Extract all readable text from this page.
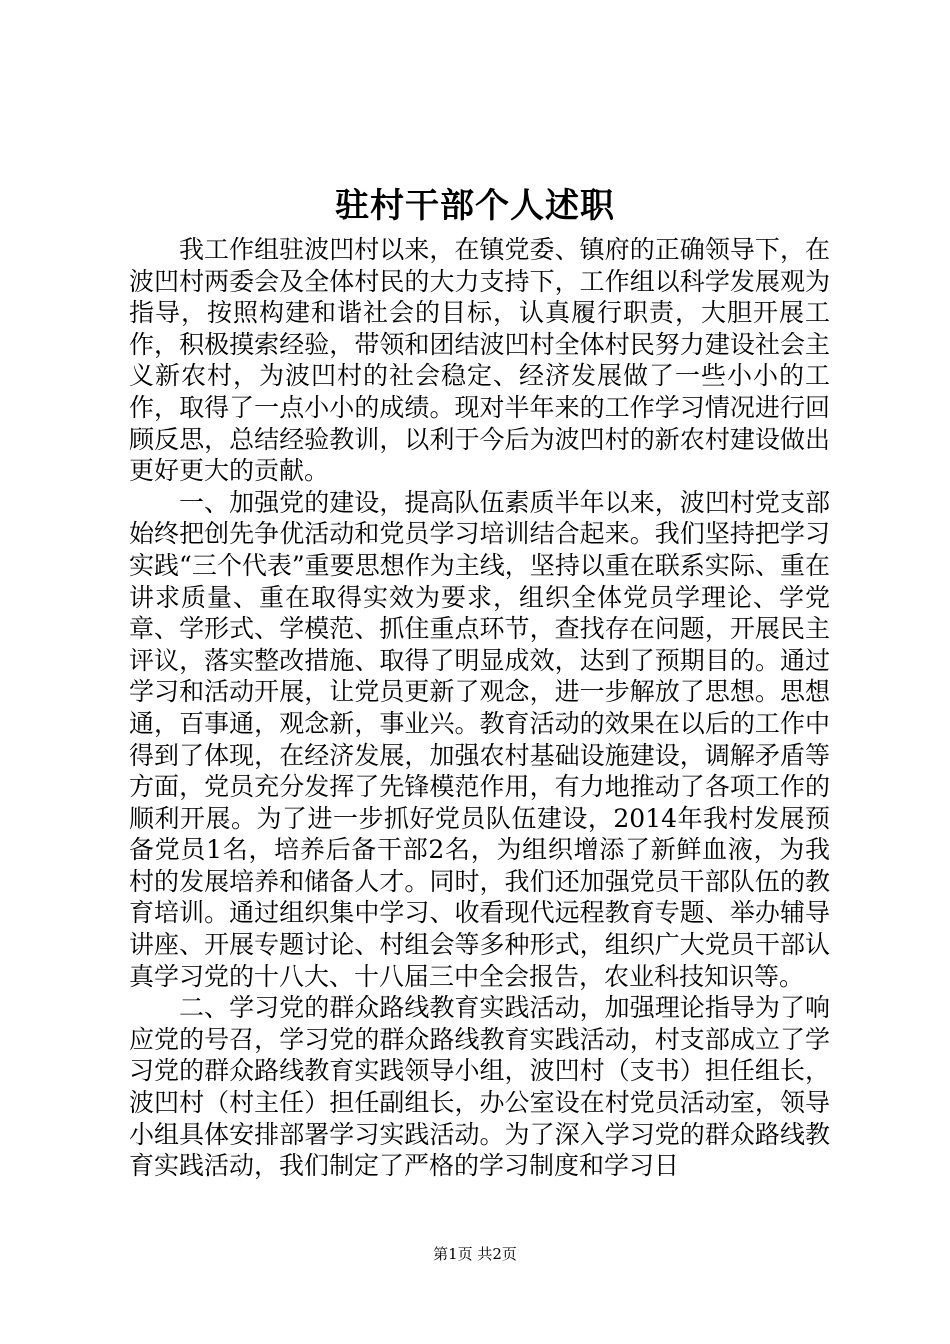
驻村干部个人述职

我工作组驻波凹村以来，在镇党委、镇府的正确领导下，在波凹村两委会及全体村民的大力支持下，工作组以科学发展观为指导，按照构建和谐社会的目标，认真履行职责，大胆开展工作，积极摸索经验，带领和团结波凹村全体村民努力建设社会主义新农村，为波凹村的社会稳定、经济发展做了一些小小的工作，取得了一点小小的成绩。现对半年来的工作学习情况进行回顾反思，总结经验教训，以利于今后为波凹村的新农村建设做出更好更大的贡献。

一、加强党的建设，提高队伍素质半年以来，波凹村党支部始终把创先争优活动和党员学习培训结合起来。我们坚持把学习实践“三个代表”重要思想作为主线，坚持以重在联系实际、重在讲求质量、重在取得实效为要求，组织全体党员学理论、学党章、学形式、学模范、抓住重点环节，查找存在问题，开展民主评议，落实整改措施、取得了明显成效，达到了预期目的。通过学习和活动开展，让党员更新了观念，进一步解放了思想。思想通，百事通，观念新，事业兴。教育活动的效果在以后的工作中得到了体现，在经济发展，加强农村基础设施建设，调解矛盾等方面，党员充分发挥了先锋模范作用，有力地推动了各项工作的顺利开展。为了进一步抓好党员队伍建设，2014年我村发展预备党员1名，培养后备干部2名，为组织增添了新鲜血液，为我村的发展培养和储备人才。同时，我们还加强党员干部队伍的教育培训。通过组织集中学习、收看现代远程教育专题、举办辅导讲座、开展专题讨论、村组会等多种形式，组织广大党员干部认真学习党的十八大、十八届三中全会报告，农业科技知识等。

二、学习党的群众路线教育实践活动，加强理论指导为了响应党的号召，学习党的群众路线教育实践活动，村支部成立了学习党的群众路线教育实践领导小组，波凹村（支书）担任组长，波凹村（村主任）担任副组长，办公室设在村党员活动室，领导小组具体安排部署学习实践活动。为了深入学习党的群众路线教育实践活动，我们制定了严格的学习制度和学习日

第1页 共2页
